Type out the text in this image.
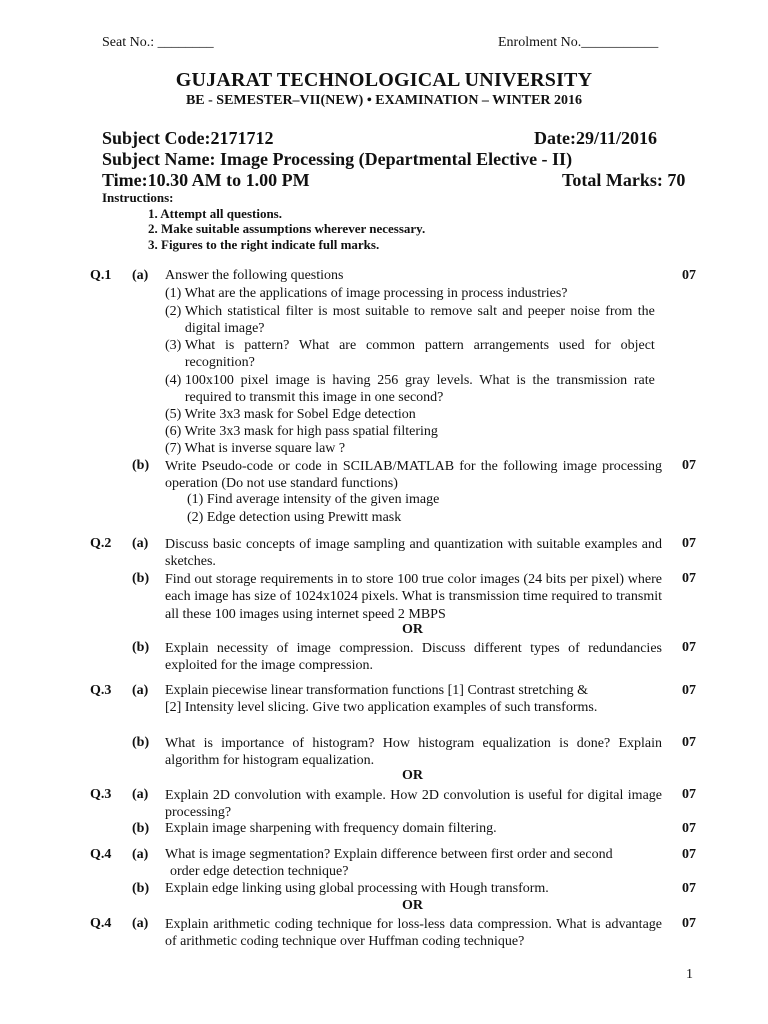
Seat No.: ________	Enrolment No.___________
GUJARAT TECHNOLOGICAL UNIVERSITY
BE - SEMESTER–VII(NEW) • EXAMINATION – WINTER 2016
Subject Code:2171712	Date:29/11/2016
Subject Name: Image Processing (Departmental Elective - II)
Time:10.30 AM to 1.00 PM	Total Marks: 70
Instructions:
1. Attempt all questions.
2. Make suitable assumptions wherever necessary.
3. Figures to the right indicate full marks.
Q.1 (a) Answer the following questions	07
(1) What are the applications of image processing in process industries?
(2) Which statistical filter is most suitable to remove salt and peeper noise from the digital image?
(3) What is pattern? What are common pattern arrangements used for object recognition?
(4) 100x100 pixel image is having 256 gray levels. What is the transmission rate required to transmit this image in one second?
(5) Write 3x3 mask for Sobel Edge detection
(6) Write 3x3 mask for high pass spatial filtering
(7) What is inverse square law ?
(b) Write Pseudo-code or code in SCILAB/MATLAB for the following image processing operation (Do not use standard functions)
07
(1) Find average intensity of the given image
(2) Edge detection using Prewitt mask
Q.2 (a) Discuss basic concepts of image sampling and quantization with suitable examples and sketches.
07
(b) Find out storage requirements in to store 100 true color images (24 bits per pixel) where each image has size of 1024x1024 pixels. What is transmission time required to transmit all these 100 images using internet speed 2 MBPS
07
OR
(b) Explain necessity of image compression. Discuss different types of redundancies exploited for the image compression.
07
Q.3 (a) Explain piecewise linear transformation functions [1] Contrast stretching &
[2] Intensity level slicing. Give two application examples of such transforms.
07
(b) What is importance of histogram? How histogram equalization is done? Explain algorithm for histogram equalization.
07
OR
Q.3 (a) Explain 2D convolution with example. How 2D convolution is useful for digital image processing?
07
(b) Explain image sharpening with frequency domain filtering.	07
Q.4 (a) What is image segmentation? Explain difference between first order and second
order edge detection technique?
07
(b) Explain edge linking using global processing with Hough transform.	07
OR
Q.4 (a) Explain arithmetic coding technique for loss-less data compression. What is advantage of arithmetic coding technique over Huffman coding technique?
07
1
